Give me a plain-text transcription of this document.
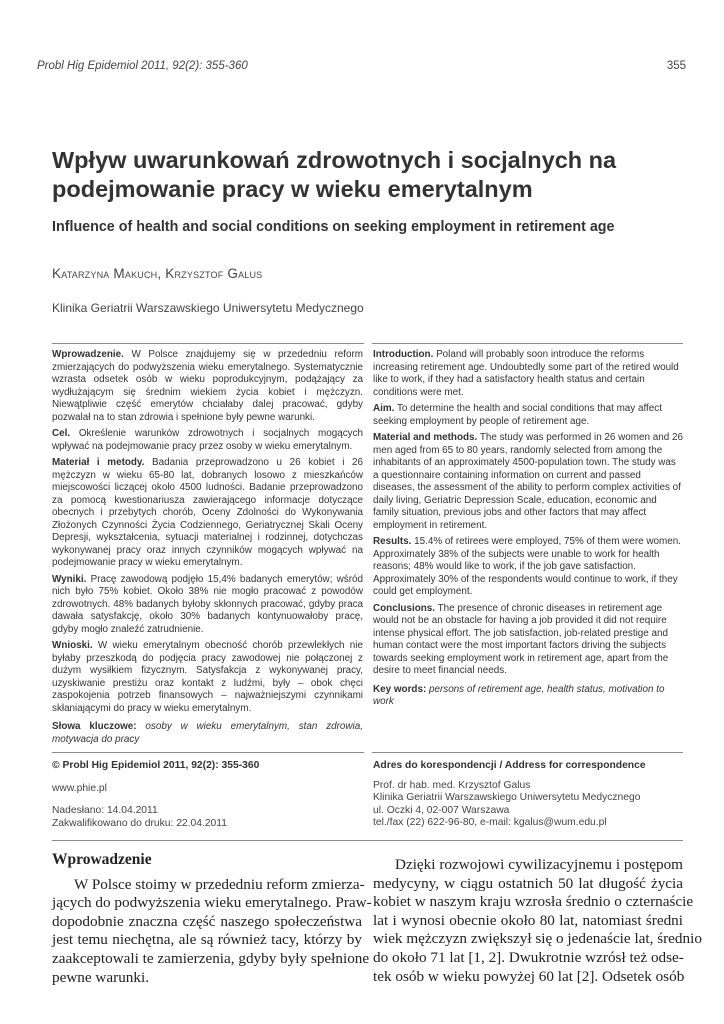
Probl Hig Epidemiol 2011, 92(2): 355-360	355
Wpływ uwarunkowań zdrowotnych i socjalnych na podejmowanie pracy w wieku emerytalnym
Influence of health and social conditions on seeking employment in retirement age
Katarzyna Makuch, Krzysztof Galus
Klinika Geriatrii Warszawskiego Uniwersytetu Medycznego

Wprowadzenie. W Polsce znajdujemy się w przededniu reform zmierzających do podwyższenia wieku emerytalnego. Systematycznie wzrasta odsetek osób w wieku poprodukcyjnym, podążający za wydłużającym się średnim wiekiem życia kobiet i mężczyzn. Niewątpliwie część emerytów chciałaby dalej pracować, gdyby pozwalał na to stan zdrowia i spełnione były pewne warunki.

Cel. Określenie warunków zdrowotnych i socjalnych mogących wpływać na podejmowanie pracy przez osoby w wieku emerytalnym.

Materiał i metody. Badania przeprowadzono u 26 kobiet i 26 mężczyzn w wieku 65-80 lat, dobranych losowo z mieszkańców miejscowości liczącej około 4500 ludności. Badanie przeprowadzono za pomocą kwestionariusza zawierającego informacje dotyczące obecnych i przebytych chorób, Oceny Zdolności do Wykonywania Złożonych Czynności Życia Codziennego, Geriatrycznej Skali Oceny Depresji, wykształcenia, sytuacji materialnej i rodzinnej, dotychczas wykonywanej pracy oraz innych czynników mogących wpływać na podejmowanie pracy w wieku emerytalnym.

Wyniki. Pracę zawodową podjęło 15,4% badanych emerytów; wśród nich było 75% kobiet. Około 38% nie mogło pracować z powodów zdrowotnych. 48% badanych byłoby skłonnych pracować, gdyby praca dawała satysfakcję, około 30% badanych kontynuowałoby pracę, gdyby mogło znaleźć zatrudnienie.

Wnioski. W wieku emerytalnym obecność chorób przewlekłych nie byłaby przeszkodą do podjęcia pracy zawodowej nie połączonej z dużym wysiłkiem fizycznym. Satysfakcja z wykonywanej pracy, uzyskiwanie prestiżu oraz kontakt z ludźmi, były – obok chęci zaspokojenia potrzeb finansowych – najważniejszymi czynnikami skłaniającymi do pracy w wieku emerytalnym.

Słowa kluczowe: osoby w wieku emerytalnym, stan zdrowia, motywacja do pracy

Introduction. Poland will probably soon introduce the reforms increasing retirement age. Undoubtedly some part of the retired would like to work, if they had a satisfactory health status and certain conditions were met.

Aim. To determine the health and social conditions that may affect seeking employment by people of retirement age.

Material and methods. The study was performed in 26 women and 26 men aged from 65 to 80 years, randomly selected from among the inhabitants of an approximately 4500-population town. The study was a questionnaire containing information on current and passed diseases, the assessment of the ability to perform complex activities of daily living, Geriatric Depression Scale, education, economic and family situation, previous jobs and other factors that may affect employment in retirement.

Results. 15.4% of retirees were employed, 75% of them were women. Approximately 38% of the subjects were unable to work for health reasons; 48% would like to work, if the job gave satisfaction. Approximately 30% of the respondents would continue to work, if they could get employment.

Conclusions. The presence of chronic diseases in retirement age would not be an obstacle for having a job provided it did not require intense physical effort. The job satisfaction, job-related prestige and human contact were the most important factors driving the subjects towards seeking employment work in retirement age, apart from the desire to meet financial needs.

Key words: persons of retirement age, health status, motivation to work

© Probl Hig Epidemiol 2011, 92(2): 355-360
www.phie.pl
Nadesłano: 14.04.2011
Zakwalifikowano do druku: 22.04.2011
Adres do korespondencji / Address for correspondence
Prof. dr hab. med. Krzysztof Galus
Klinika Geriatrii Warszawskiego Uniwersytetu Medycznego
ul. Oczki 4, 02-007 Warszawa
tel./fax (22) 622-96-80, e-mail: kgalus@wum.edu.pl
Wprowadzenie
W Polsce stoimy w przededniu reform zmierza-
jących do podwyższenia wieku emerytalnego. Praw-
dopodobnie znaczna część naszego społeczeństwa
jest temu niechętna, ale są również tacy, którzy by
zaakceptowali te zamierzenia, gdyby były spełnione
pewne warunki.
Dzięki rozwojowi cywilizacyjnemu i postępom
medycyny, w ciągu ostatnich 50 lat długość życia
kobiet w naszym kraju wzrosła średnio o czternaście
lat i wynosi obecnie około 80 lat, natomiast średni
wiek mężczyzn zwiększył się o jedenaście lat, średnio
do około 71 lat [1, 2]. Dwukrotnie wzrósł też odse-
tek osób w wieku powyżej 60 lat [2]. Odsetek osób
